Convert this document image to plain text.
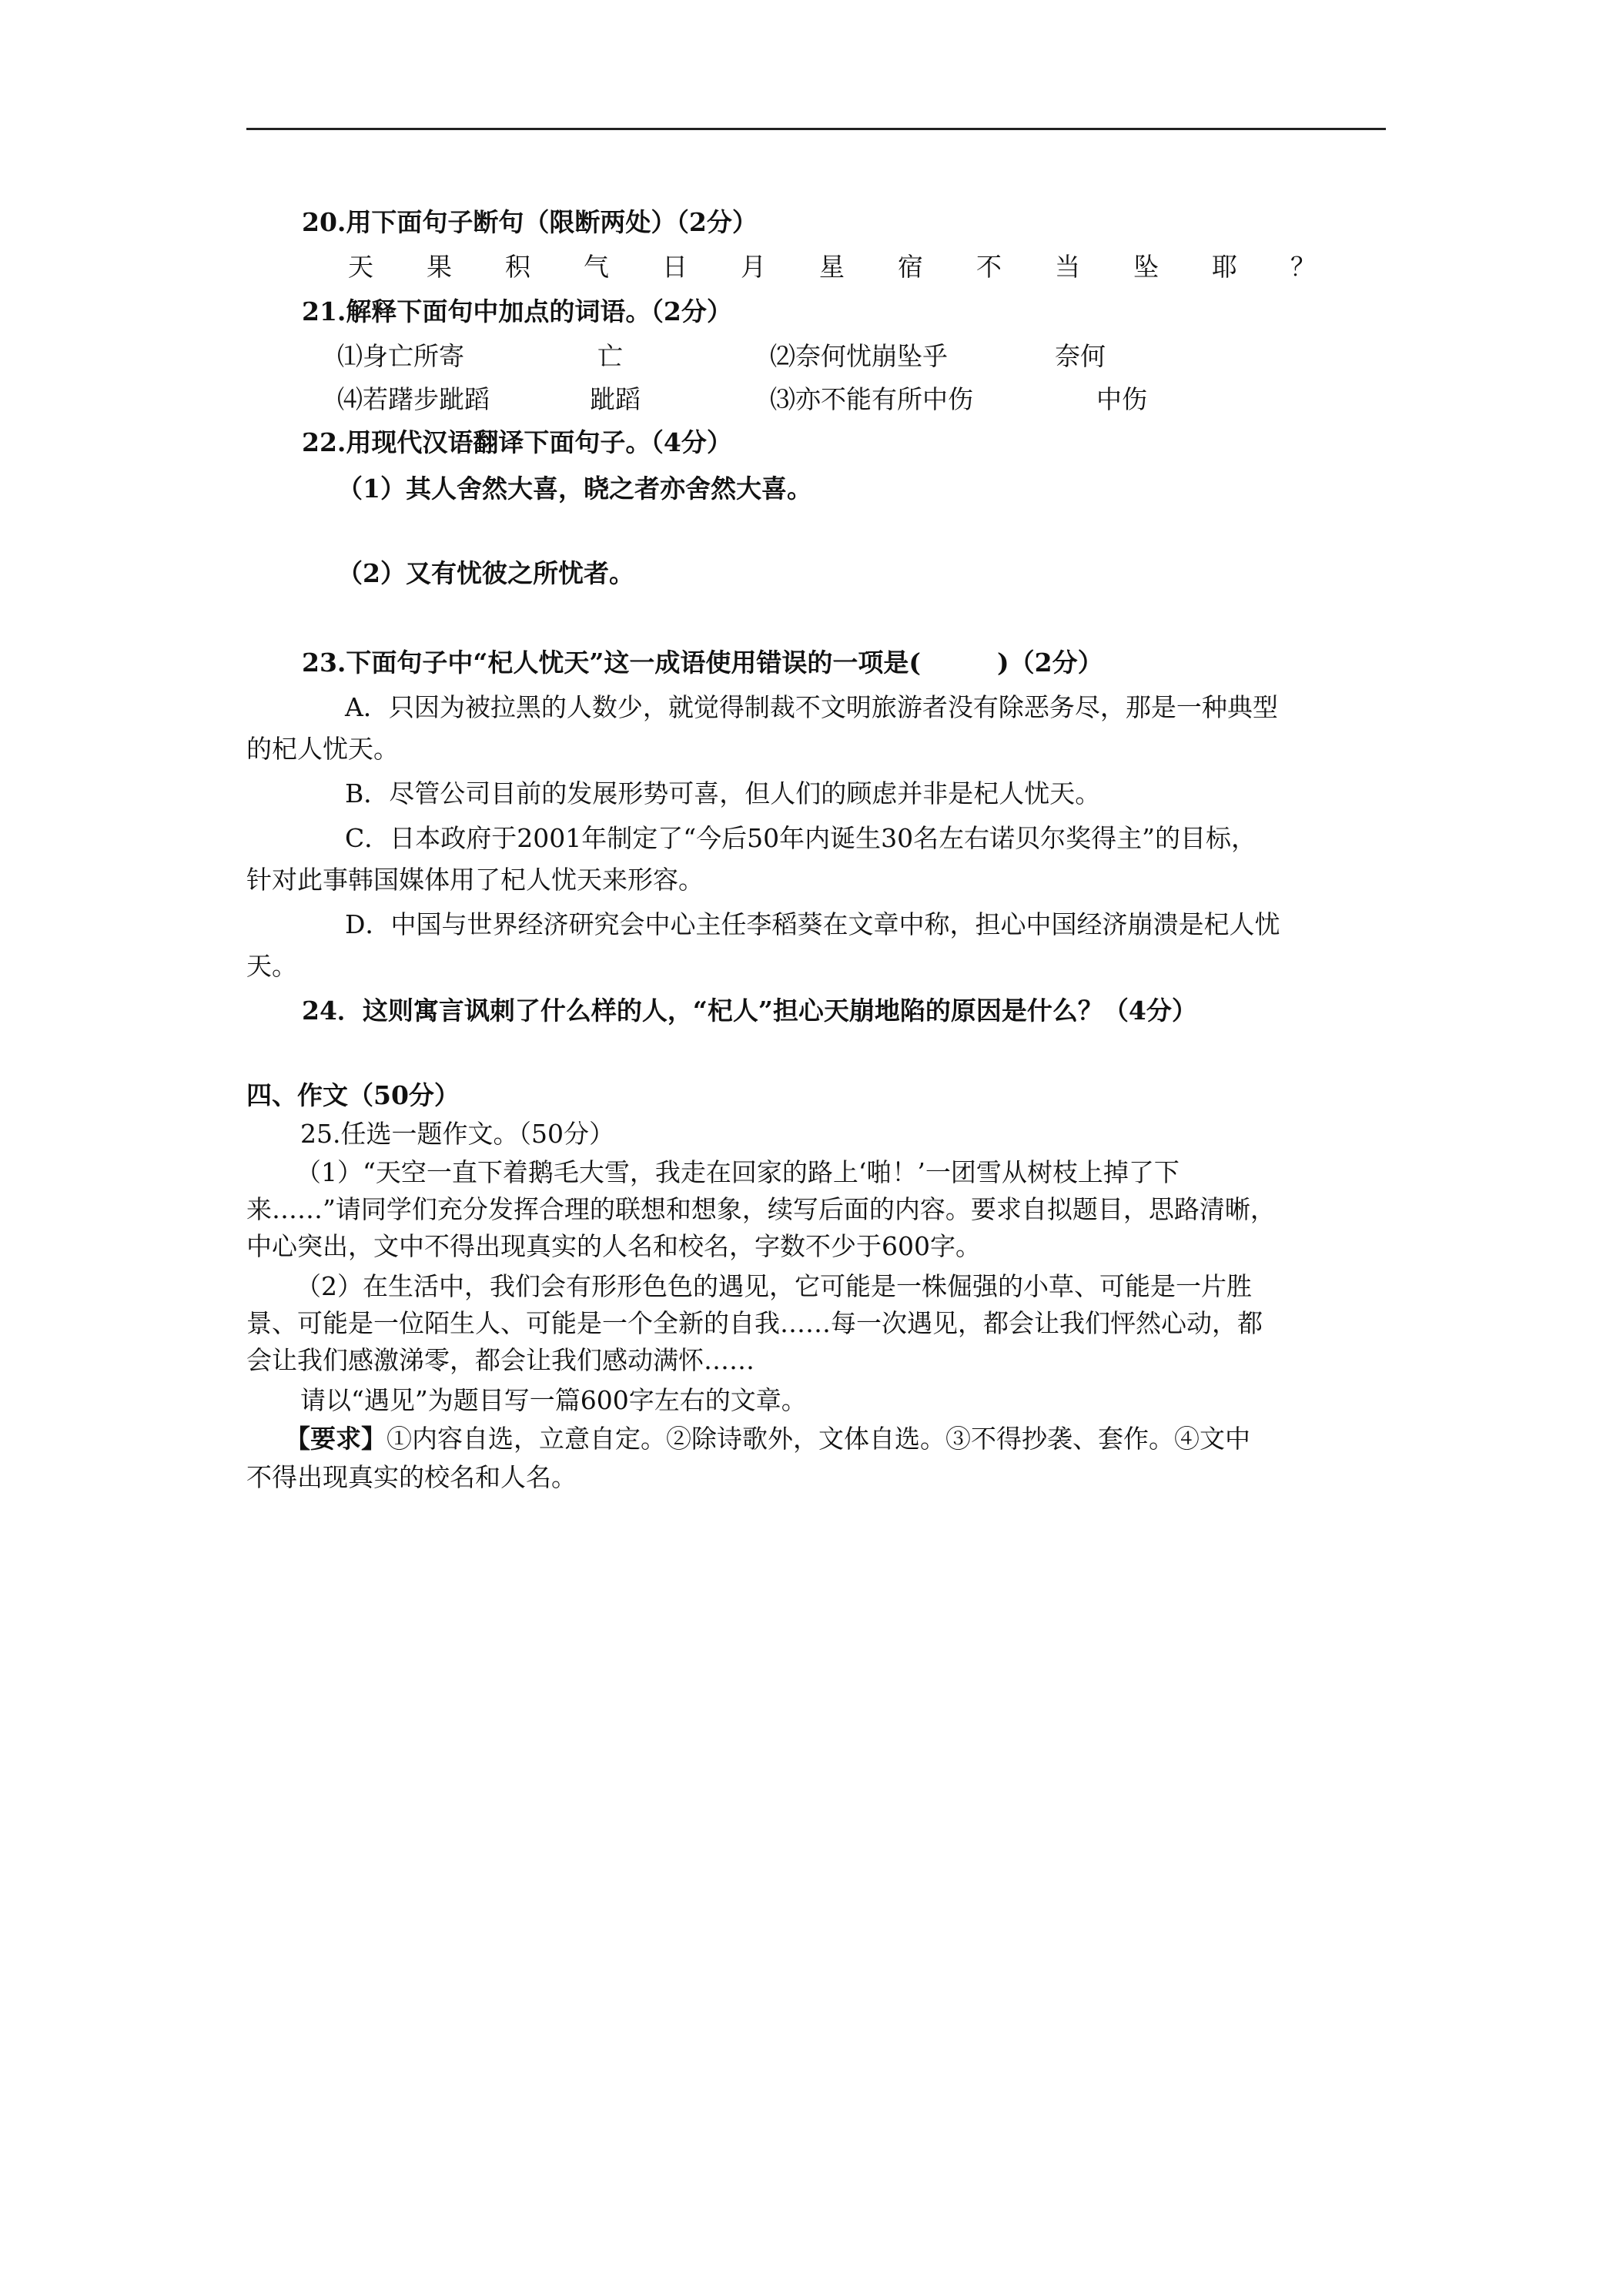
20.用下面句子断句（限断两处）（2分）
天 果 积 气 日 月 星 宿 不 当 坠 耶 ？
21.解释下面句中加点的词语。（2分）
⑴身亡所寄	亡	⑵奈何忧崩坠乎	奈何
⑷若躇步跐蹈	跐蹈	⑶亦不能有所中伤	中伤
22.用现代汉语翻译下面句子。（4分）
（1）其人舍然大喜，晓之者亦舍然大喜。
（2）又有忧彼之所忧者。
23.下面句子中“杞人忧天”这一成语使用错误的一项是(　　　)（2分）
A．只因为被拉黑的人数少，就觉得制裁不文明旅游者没有除恶务尽，那是一种典型
的杞人忧天。
B．尽管公司目前的发展形势可喜，但人们的顾虑并非是杞人忧天。
C．日本政府于2001年制定了“今后50年内诞生30名左右诺贝尔奖得主”的目标，
针对此事韩国媒体用了杞人忧天来形容。
D．中国与世界经济研究会中心主任李稻葵在文章中称，担心中国经济崩溃是杞人忧
天。
24．这则寓言讽刺了什么样的人，“杞人”担心天崩地陷的原因是什么？（4分）
四、作文（50分）
25.任选一题作文。（50分）
（1）“天空一直下着鹅毛大雪，我走在回家的路上‘啪！’一团雪从树枝上掉了下
来……”请同学们充分发挥合理的联想和想象，续写后面的内容。要求自拟题目，思路清晰，
中心突出，文中不得出现真实的人名和校名，字数不少于600字。
（2）在生活中，我们会有形形色色的遇见，它可能是一株倔强的小草、可能是一片胜
景、可能是一位陌生人、可能是一个全新的自我……每一次遇见，都会让我们怦然心动，都
会让我们感激涕零，都会让我们感动满怀……
请以“遇见”为题目写一篇600字左右的文章。
【要求】①内容自选，立意自定。②除诗歌外，文体自选。③不得抄袭、套作。④文中
不得出现真实的校名和人名。
